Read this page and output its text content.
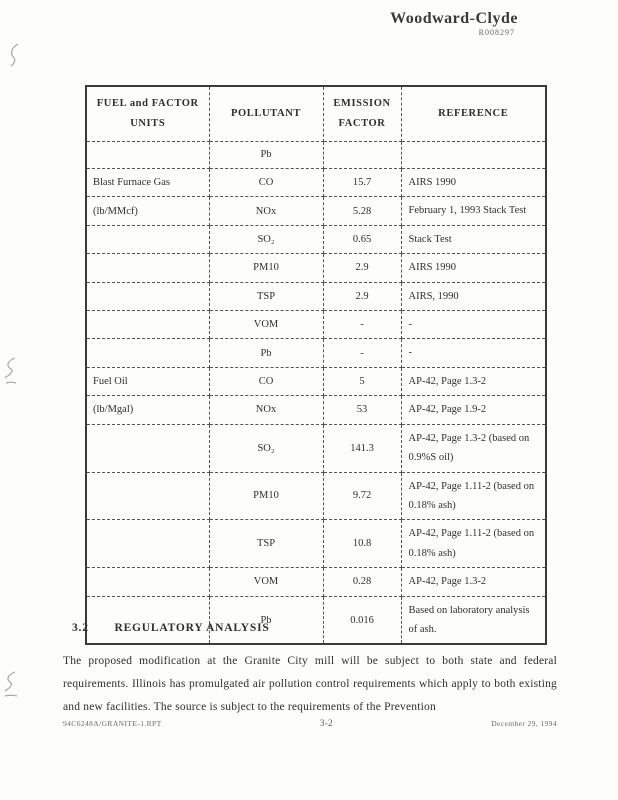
Woodward-Clyde
R008297
FUEL and FACTOR UNITS	POLLUTANT	EMISSION FACTOR	REFERENCE
	Pb		
Blast Furnace Gas	CO	15.7	AIRS 1990
(lb/MMcf)	NOx	5.28	February 1, 1993 Stack Test
	SO₂	0.65	Stack Test
	PM10	2.9	AIRS 1990
	TSP	2.9	AIRS, 1990
	VOM	-	-
	Pb	-	-
Fuel Oil	CO	5	AP-42, Page 1.3-2
(lb/Mgal)	NOx	53	AP-42, Page 1.9-2
	SO₂	141.3	AP-42, Page 1.3-2 (based on 0.9%S oil)
	PM10	9.72	AP-42, Page 1.11-2 (based on 0.18% ash)
	TSP	10.8	AP-42, Page 1.11-2 (based on 0.18% ash)
	VOM	0.28	AP-42, Page 1.3-2
	Pb	0.016	Based on laboratory analysis of ash.
3.2 REGULATORY ANALYSIS
The proposed modification at the Granite City mill will be subject to both state and federal requirements. Illinois has promulgated air pollution control requirements which apply to both existing and new facilities. The source is subject to the requirements of the Prevention
94C6248A/GRANITE-1.RPT	3-2	December 29, 1994
